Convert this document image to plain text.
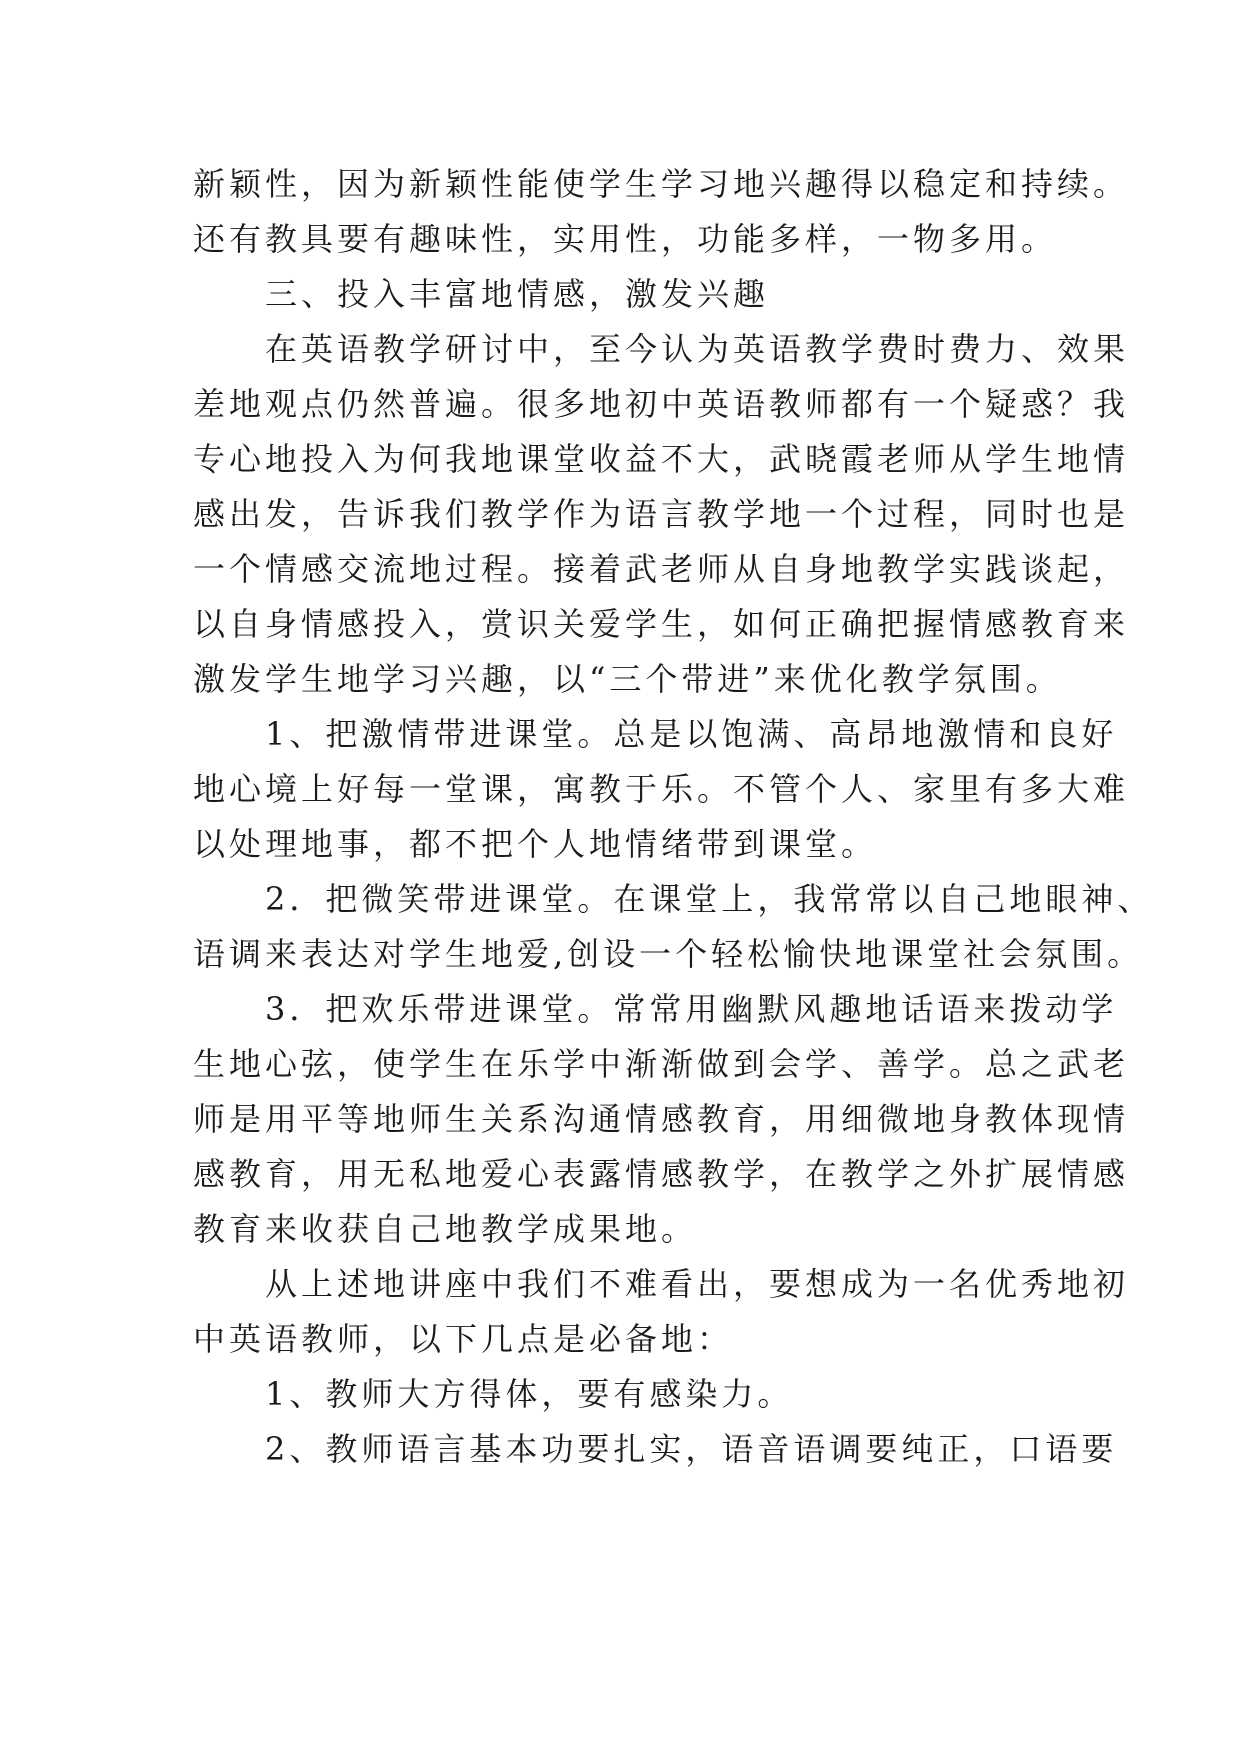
新颖性，因为新颖性能使学生学习地兴趣得以稳定和持续。
还有教具要有趣味性，实用性，功能多样，一物多用。
三、投入丰富地情感，激发兴趣
在英语教学研讨中，至今认为英语教学费时费力、效果
差地观点仍然普遍。很多地初中英语教师都有一个疑惑？我
专心地投入为何我地课堂收益不大，武晓霞老师从学生地情
感出发，告诉我们教学作为语言教学地一个过程，同时也是
一个情感交流地过程。接着武老师从自身地教学实践谈起，
以自身情感投入，赏识关爱学生，如何正确把握情感教育来
激发学生地学习兴趣，以“三个带进”来优化教学氛围。
1、把激情带进课堂。总是以饱满、高昂地激情和良好
地心境上好每一堂课，寓教于乐。不管个人、家里有多大难
以处理地事，都不把个人地情绪带到课堂。
2．把微笑带进课堂。在课堂上，我常常以自己地眼神、
语调来表达对学生地爱,创设一个轻松愉快地课堂社会氛围。
3．把欢乐带进课堂。常常用幽默风趣地话语来拨动学
生地心弦，使学生在乐学中渐渐做到会学、善学。总之武老
师是用平等地师生关系沟通情感教育，用细微地身教体现情
感教育，用无私地爱心表露情感教学，在教学之外扩展情感
教育来收获自己地教学成果地。
从上述地讲座中我们不难看出，要想成为一名优秀地初
中英语教师，以下几点是必备地：
1、教师大方得体，要有感染力。
2、教师语言基本功要扎实，语音语调要纯正，口语要
